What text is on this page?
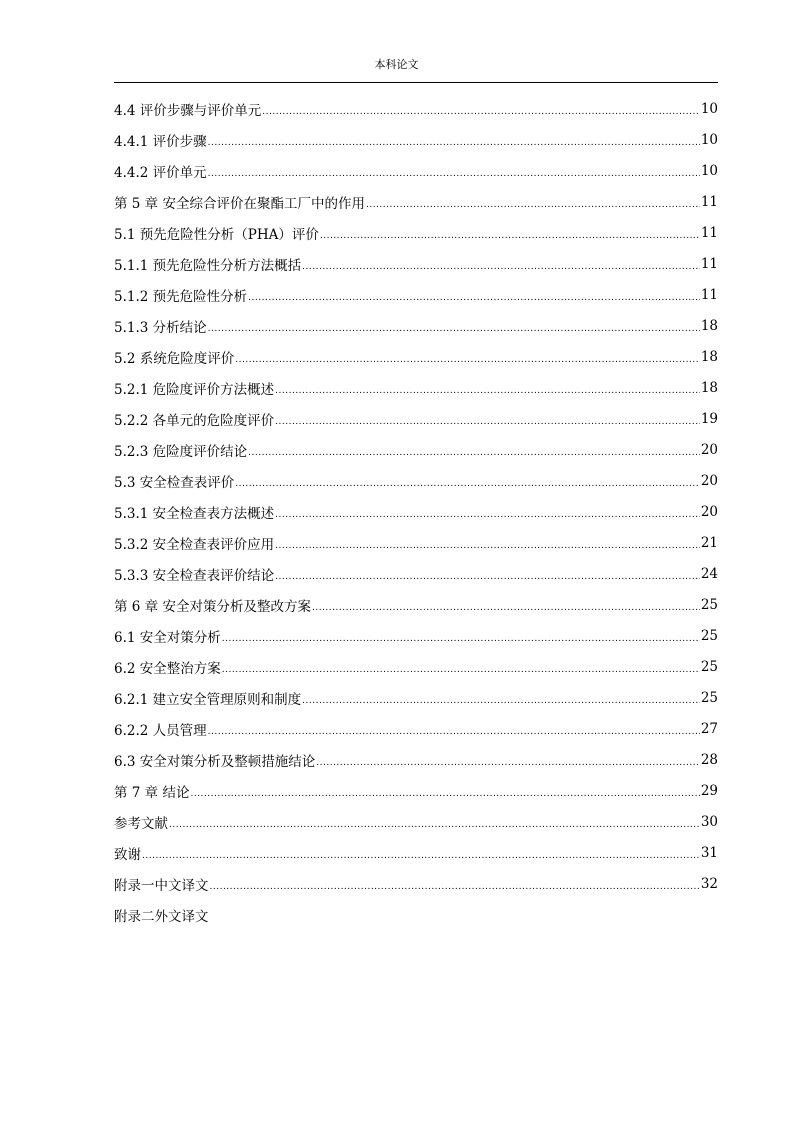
本科论文
4.4 评价步骤与评价单元 .....	10
4.4.1 评价步骤 .....	10
4.4.2 评价单元 .....	10
第 5 章 安全综合评价在聚酯工厂中的作用 .....	11
5.1 预先危险性分析（PHA）评价 .....	11
5.1.1 预先危险性分析方法概括 .....	11
5.1.2 预先危险性分析 .....	11
5.1.3 分析结论 .....	18
5.2 系统危险度评价 .....	18
5.2.1 危险度评价方法概述 .....	18
5.2.2 各单元的危险度评价 .....	19
5.2.3 危险度评价结论 .....	20
5.3 安全检查表评价 .....	20
5.3.1 安全检查表方法概述 .....	20
5.3.2 安全检查表评价应用 .....	21
5.3.3 安全检查表评价结论 .....	24
第 6 章 安全对策分析及整改方案 .....	25
6.1 安全对策分析 .....	25
6.2 安全整治方案 .....	25
6.2.1 建立安全管理原则和制度 .....	25
6.2.2 人员管理 .....	27
6.3 安全对策分析及整顿措施结论 .....	28
第 7 章 结论 .....	29
参考文献 .....	30
致谢 .....	31
附录一中文译文 .....	32
附录二外文译文
